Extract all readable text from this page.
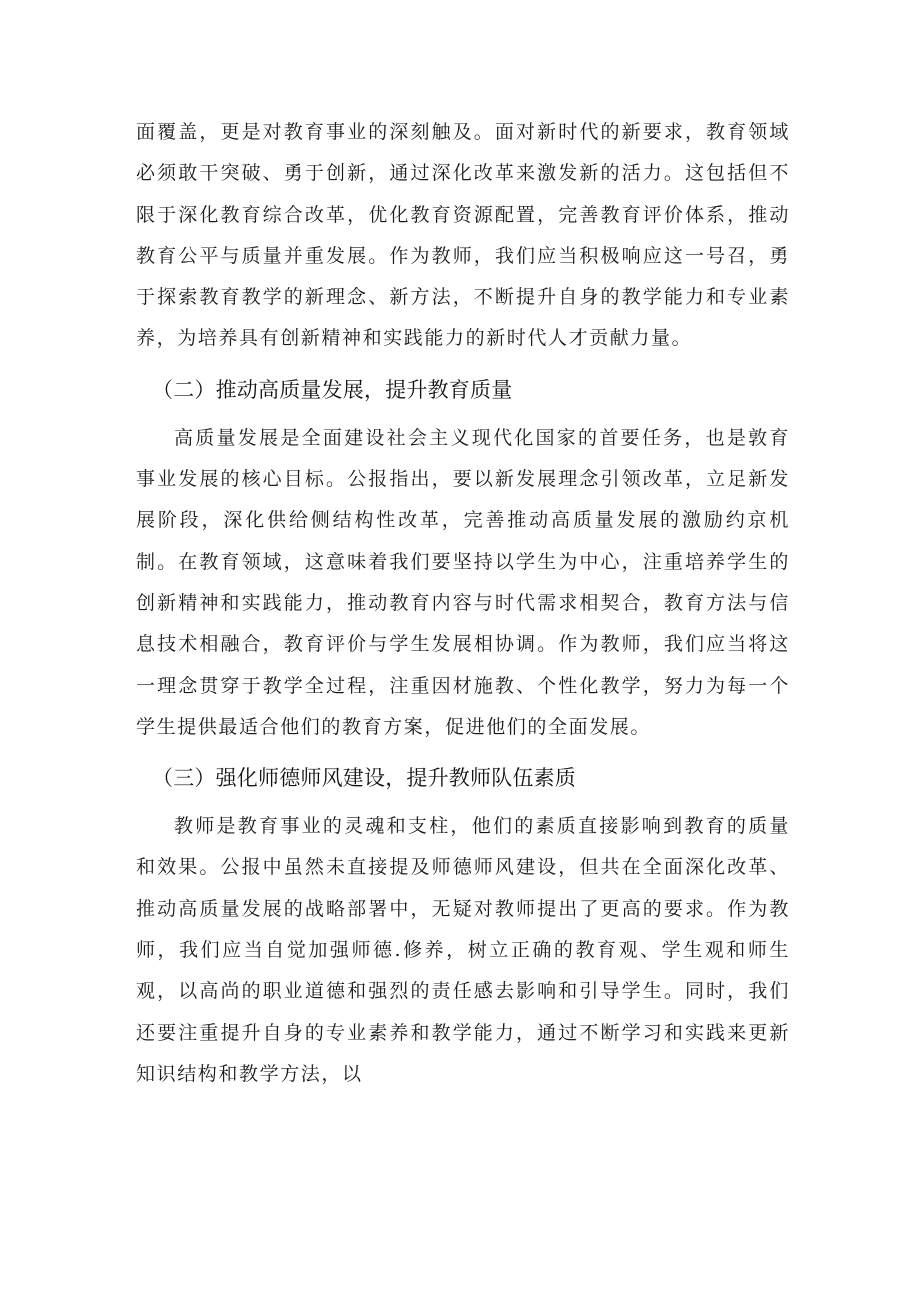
面覆盖，更是对教育事业的深刻触及。面对新时代的新要求，教育领域必须敢干突破、勇于创新，通过深化改革来激发新的活力。这包括但不限于深化教育综合改革，优化教育资源配置，完善教育评价体系，推动教育公平与质量并重发展。作为教师，我们应当积极响应这一号召，勇于探索教育教学的新理念、新方法，不断提升自身的教学能力和专业素养，为培养具有创新精神和实践能力的新时代人才贡献力量。

（二）推动高质量发展，提升教育质量

高质量发展是全面建设社会主义现代化国家的首要任务，也是敦育事业发展的核心目标。公报指出，要以新发展理念引领改革，立足新发展阶段，深化供给侧结构性改革，完善推动高质量发展的激励约京机制。在教育领域，这意味着我们要坚持以学生为中心，注重培养学生的创新精神和实践能力，推动教育内容与时代需求相契合，教育方法与信息技术相融合，教育评价与学生发展相协调。作为教师，我们应当将这一理念贯穿于教学全过程，注重因材施教、个性化教学，努力为每一个学生提供最适合他们的教育方案，促进他们的全面发展。

（三）强化师德师风建设，提升教师队伍素质

教师是教育事业的灵魂和支柱，他们的素质直接影响到教育的质量和效果。公报中虽然未直接提及师德师风建设，但共在全面深化改革、推动高质量发展的战略部署中，无疑对教师提出了更高的要求。作为教师，我们应当自觉加强师德.修养，树立正确的教育观、学生观和师生观，以高尚的职业道德和强烈的责任感去影响和引导学生。同时，我们还要注重提升自身的专业素养和教学能力，通过不断学习和实践来更新知识结构和教学方法，以
